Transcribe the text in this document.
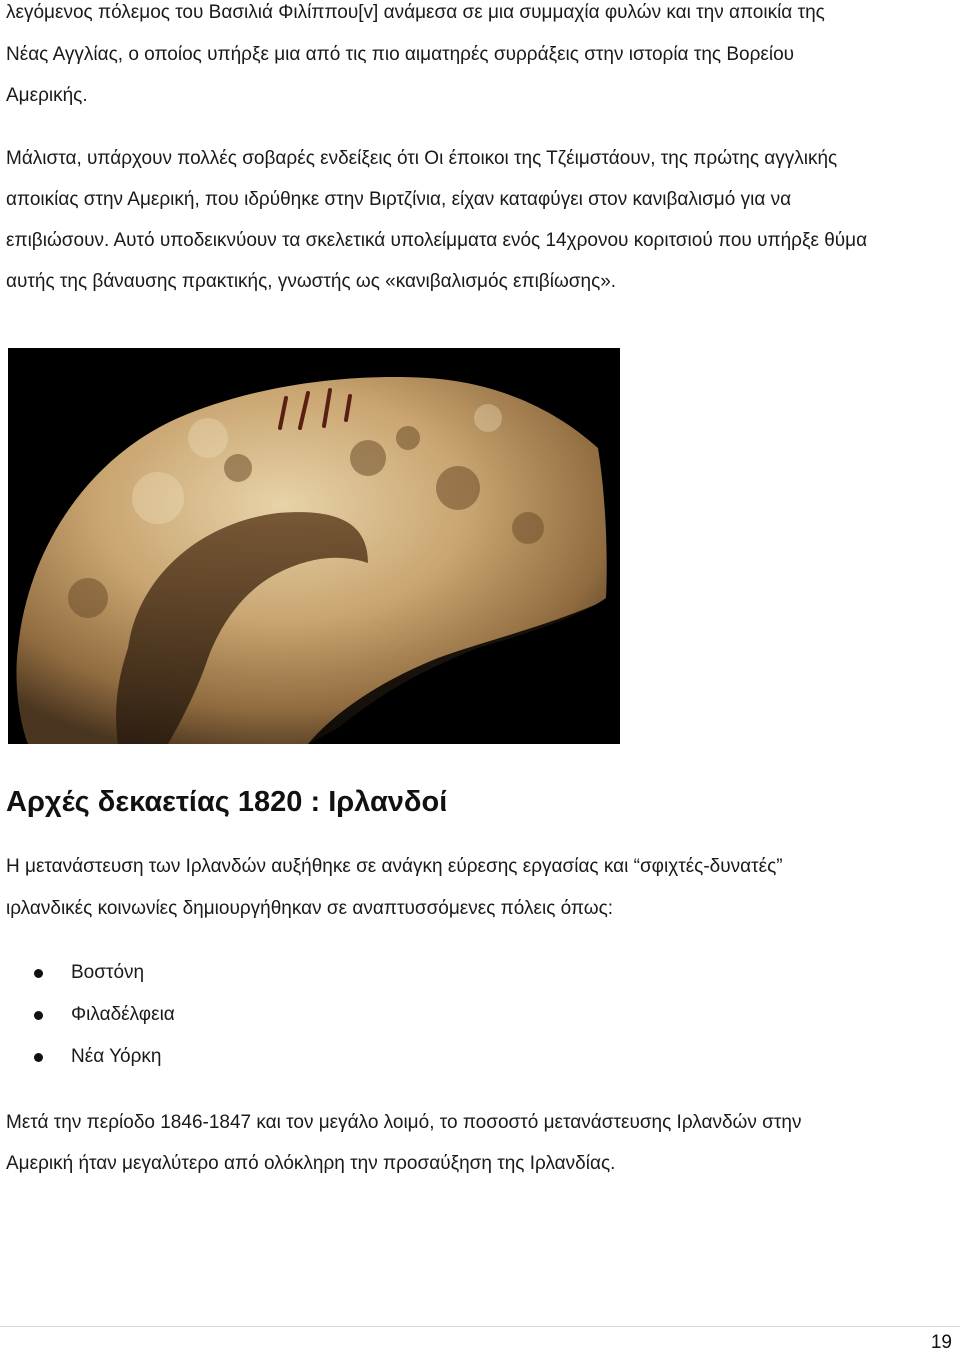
λεγόμενος πόλεμος του Βασιλιά Φιλίππου[v] ανάμεσα σε μια συμμαχία φυλών και την αποικία της
Νέας Αγγλίας, ο οποίος υπήρξε μια από τις πιο αιματηρές συρράξεις στην ιστορία της Βορείου
Αμερικής.
Μάλιστα, υπάρχουν πολλές σοβαρές ενδείξεις ότι Οι έποικοι της Τζέιμστάουν, της πρώτης αγγλικής
αποικίας στην Αμερική, που ιδρύθηκε στην Βιρτζίνια, είχαν καταφύγει στον κανιβαλισμό για να
επιβιώσουν. Αυτό υποδεικνύουν τα σκελετικά υπολείμματα ενός 14χρονου κοριτσιού που υπήρξε θύμα
αυτής της βάναυσης πρακτικής, γνωστής ως «κανιβαλισμός επιβίωσης».
Αρχές δεκαετίας 1820 : Ιρλανδοί
Η μετανάστευση των Ιρλανδών αυξήθηκε σε ανάγκη εύρεσης εργασίας και “σφιχτές-δυνατές”
ιρλανδικές κοινωνίες δημιουργήθηκαν σε αναπτυσσόμενες πόλεις όπως:
Βοστόνη
Φιλαδέλφεια
Νέα Υόρκη
Μετά την περίοδο 1846-1847 και τον μεγάλο λοιμό, το ποσοστό μετανάστευσης Ιρλανδών στην
Αμερική ήταν μεγαλύτερο από ολόκληρη την προσαύξηση της Ιρλανδίας.
19
